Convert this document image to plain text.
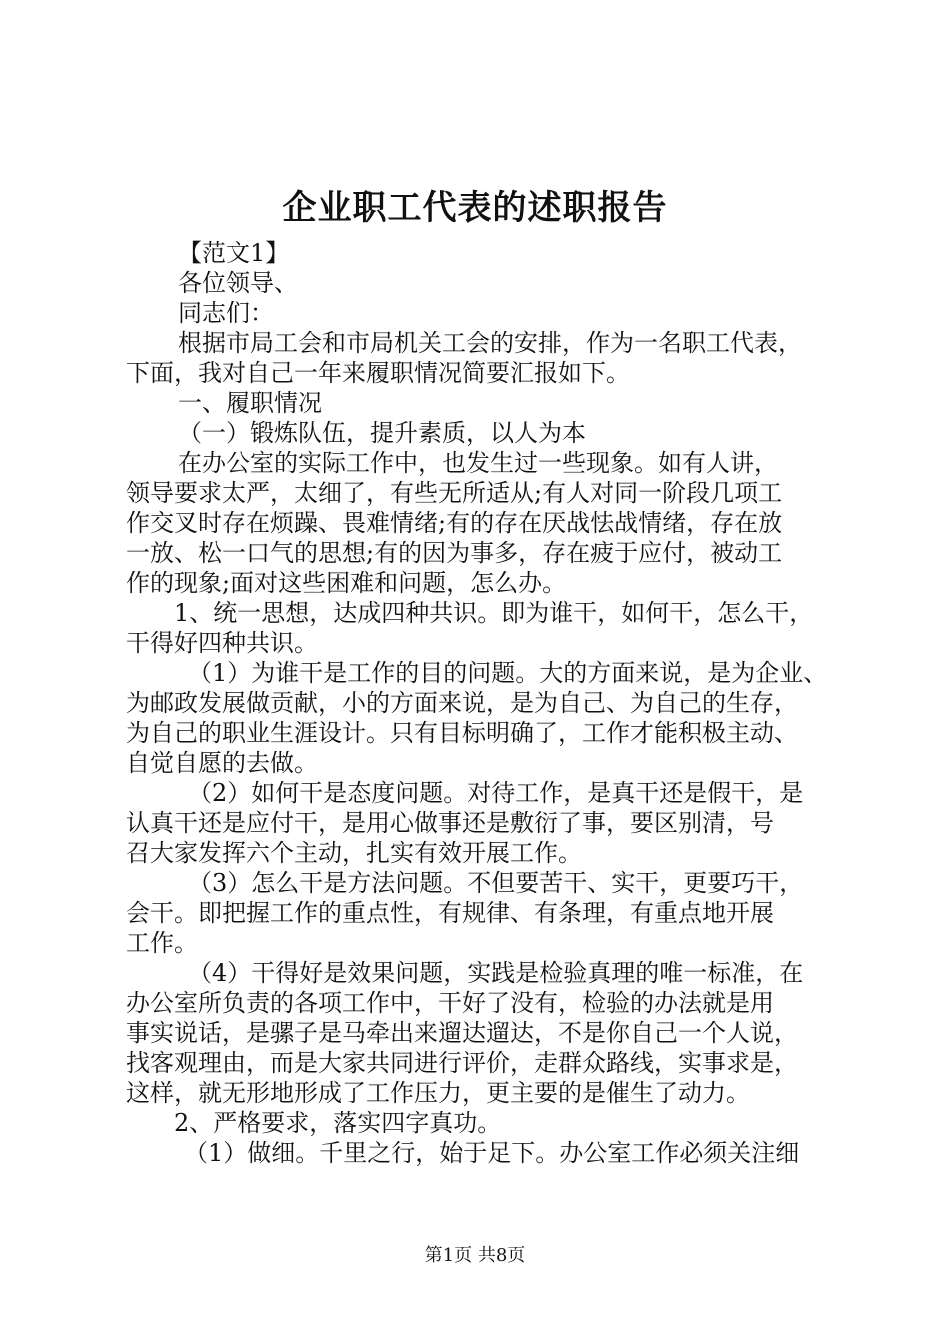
企业职工代表的述职报告
【范文1】
各位领导、
同志们：
根据市局工会和市局机关工会的安排，作为一名职工代表，
下面，我对自己一年来履职情况简要汇报如下。
一、履职情况
（一）锻炼队伍，提升素质，以人为本
在办公室的实际工作中，也发生过一些现象。如有人讲，
领导要求太严，太细了，有些无所适从;有人对同一阶段几项工
作交叉时存在烦躁、畏难情绪;有的存在厌战怯战情绪，存在放
一放、松一口气的思想;有的因为事多，存在疲于应付，被动工
作的现象;面对这些困难和问题，怎么办。
1、统一思想，达成四种共识。即为谁干，如何干，怎么干，
干得好四种共识。
（1）为谁干是工作的目的问题。大的方面来说，是为企业、
为邮政发展做贡献，小的方面来说，是为自己、为自己的生存，
为自己的职业生涯设计。只有目标明确了，工作才能积极主动、
自觉自愿的去做。
（2）如何干是态度问题。对待工作，是真干还是假干，是
认真干还是应付干，是用心做事还是敷衍了事，要区别清，号
召大家发挥六个主动，扎实有效开展工作。
（3）怎么干是方法问题。不但要苦干、实干，更要巧干，
会干。即把握工作的重点性，有规律、有条理，有重点地开展
工作。
（4）干得好是效果问题，实践是检验真理的唯一标准，在
办公室所负责的各项工作中，干好了没有，检验的办法就是用
事实说话，是骡子是马牵出来遛达遛达，不是你自己一个人说，
找客观理由，而是大家共同进行评价，走群众路线，实事求是，
这样，就无形地形成了工作压力，更主要的是催生了动力。
2、严格要求，落实四字真功。
（1）做细。千里之行，始于足下。办公室工作必须关注细
第1页 共8页
